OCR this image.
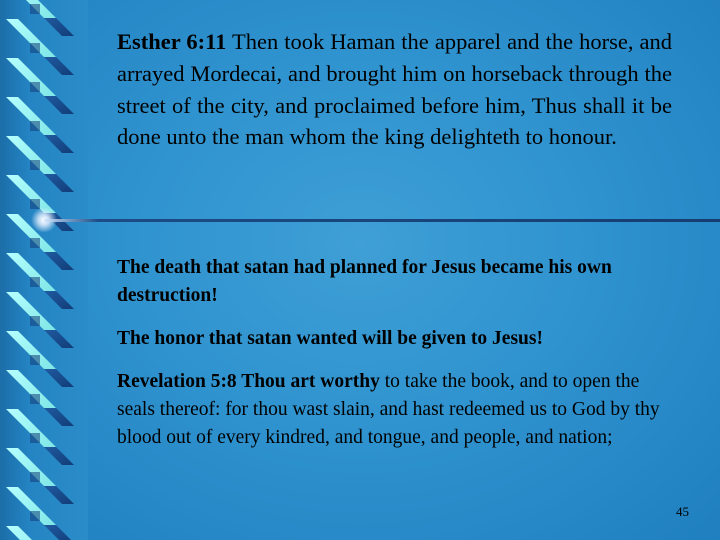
Esther 6:11 Then took Haman the apparel and the horse, and arrayed Mordecai, and brought him on horseback through the street of the city, and proclaimed before him, Thus shall it be done unto the man whom the king delighteth to honour.
The death that satan had planned for Jesus became his own destruction!
The honor that satan wanted will be given to Jesus!
Revelation 5:8 Thou art worthy to take the book, and to open the seals thereof: for thou wast slain, and hast redeemed us to God by thy blood out of every kindred, and tongue, and people, and nation;
45
